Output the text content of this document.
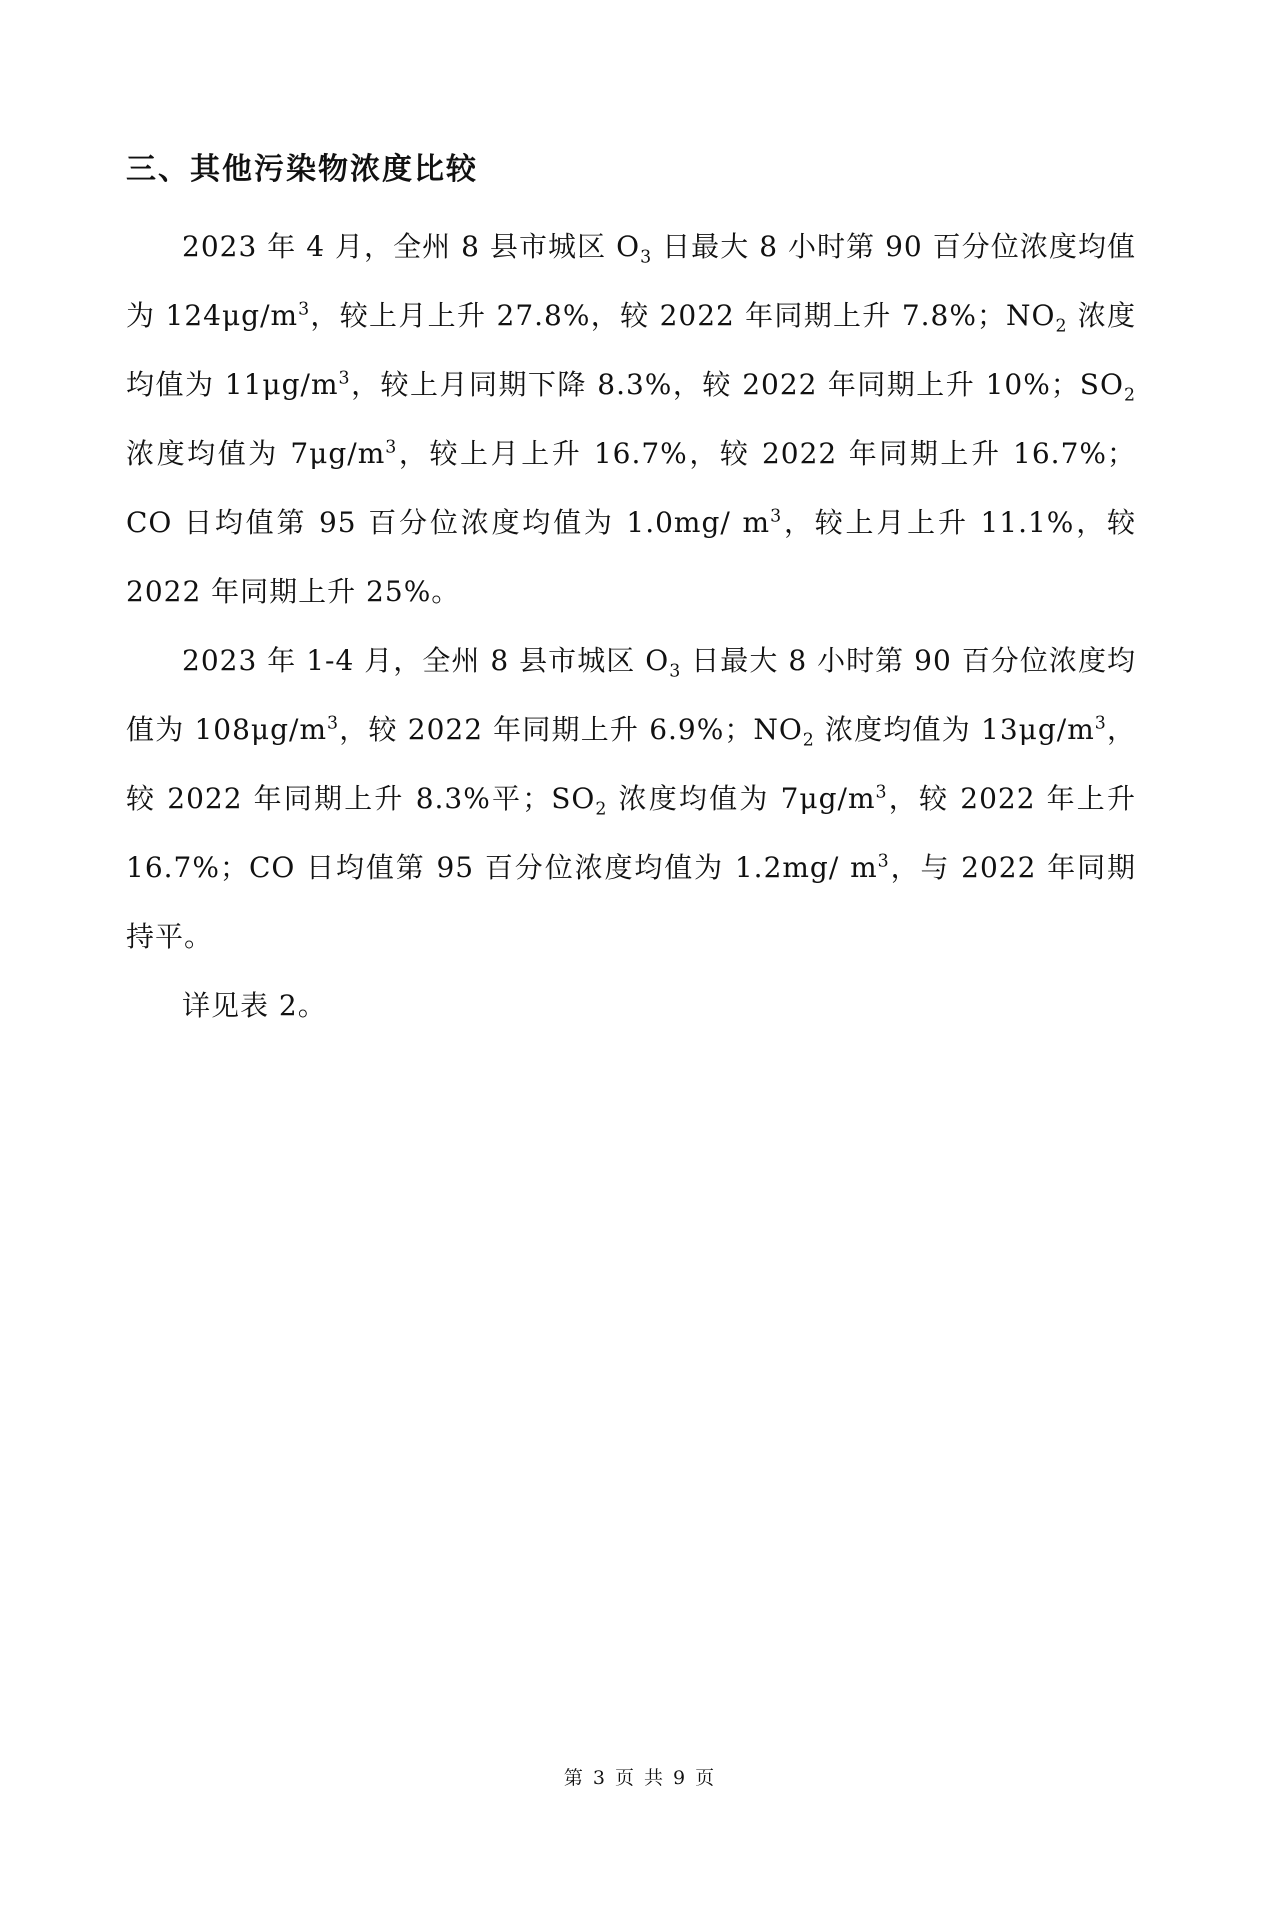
三、其他污染物浓度比较

2023 年 4 月，全州 8 县市城区 $O_3$ 日最大 8 小时第 90 百分位浓度均值为 $124\mu g/m^3$，较上月上升 27.8%，较 2022 年同期上升 7.8%；$NO_2$ 浓度均值为 $11\mu g/m^3$，较上月同期下降 8.3%，较 2022 年同期上升 10%；$SO_2$ 浓度均值为 $7\mu g/m^3$，较上月上升 16.7%，较 2022 年同期上升 16.7%；CO 日均值第 95 百分位浓度均值为 1.0mg/ $m^3$，较上月上升 11.1%，较 2022 年同期上升 25%。

2023 年 1-4 月，全州 8 县市城区 $O_3$ 日最大 8 小时第 90 百分位浓度均值为 $108\mu g/m^3$，较 2022 年同期上升 6.9%；$NO_2$ 浓度均值为 $13\mu g/m^3$，较 2022 年同期上升 8.3%平；$SO_2$ 浓度均值为 $7\mu g/m^3$，较 2022 年上升 16.7%；CO 日均值第 95 百分位浓度均值为 1.2mg/ $m^3$，与 2022 年同期持平。

详见表 2。

第 3 页 共 9 页
